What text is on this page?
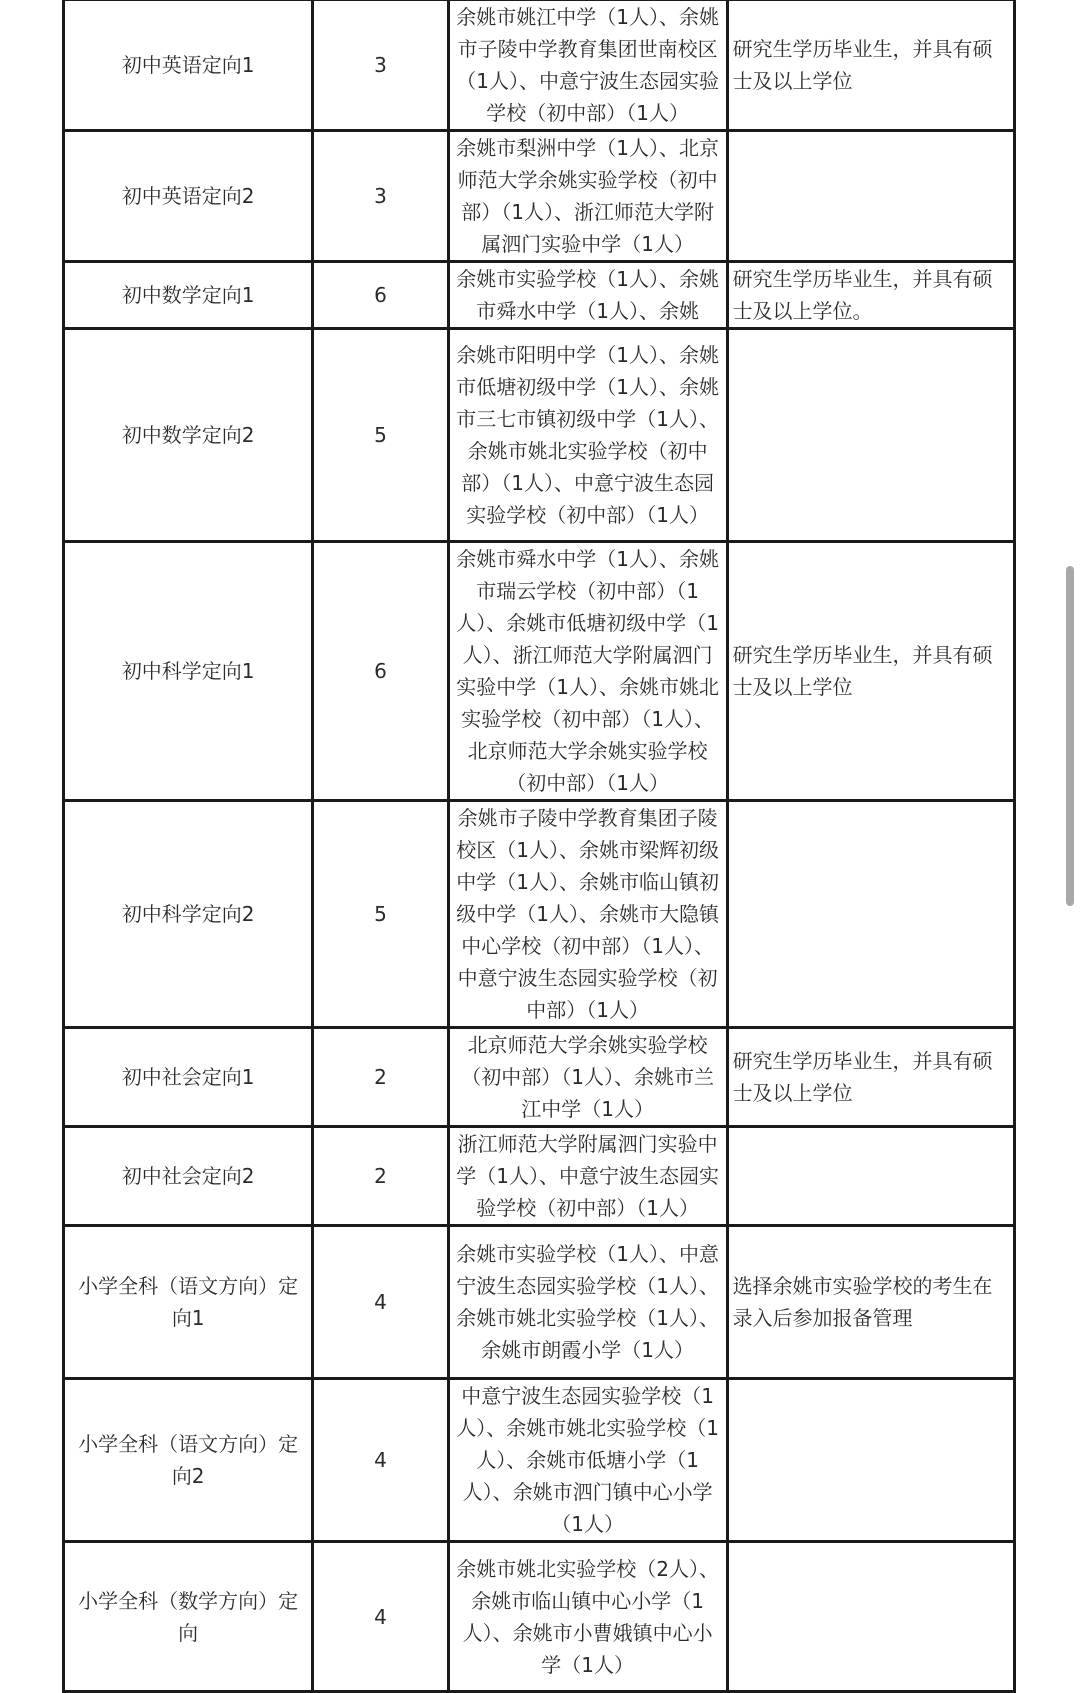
初中英语定向1	3	余姚市姚江中学（1人）、余姚市子陵中学教育集团世南校区（1人）、中意宁波生态园实验学校（初中部）（1人）	研究生学历毕业生，并具有硕士及以上学位

初中英语定向2	3	余姚市梨洲中学（1人）、北京师范大学余姚实验学校（初中部）（1人）、浙江师范大学附属泗门实验中学（1人）	

初中数学定向1	6	余姚市实验学校（1人）、余姚市舜水中学（1人）、余姚	研究生学历毕业生，并具有硕士及以上学位。

初中数学定向2	5	余姚市阳明中学（1人）、余姚市低塘初级中学（1人）、余姚市三七市镇初级中学（1人）、余姚市姚北实验学校（初中部）（1人）、中意宁波生态园实验学校（初中部）（1人）	

初中科学定向1	6	余姚市舜水中学（1人）、余姚市瑞云学校（初中部）（1人）、余姚市低塘初级中学（1人）、浙江师范大学附属泗门实验中学（1人）、余姚市姚北实验学校（初中部）（1人）、北京师范大学余姚实验学校（初中部）（1人）	研究生学历毕业生，并具有硕士及以上学位

初中科学定向2	5	余姚市子陵中学教育集团子陵校区（1人）、余姚市梁辉初级中学（1人）、余姚市临山镇初级中学（1人）、余姚市大隐镇中心学校（初中部）（1人）、中意宁波生态园实验学校（初中部）（1人）	

初中社会定向1	2	北京师范大学余姚实验学校（初中部）（1人）、余姚市兰江中学（1人）	研究生学历毕业生，并具有硕士及以上学位

初中社会定向2	2	浙江师范大学附属泗门实验中学（1人）、中意宁波生态园实验学校（初中部）（1人）	

小学全科（语文方向）定向1	4	余姚市实验学校（1人）、中意宁波生态园实验学校（1人）、余姚市姚北实验学校（1人）、余姚市朗霞小学（1人）	选择余姚市实验学校的考生在录入后参加报备管理

小学全科（语文方向）定向2	4	中意宁波生态园实验学校（1人）、余姚市姚北实验学校（1人）、余姚市低塘小学（1人）、余姚市泗门镇中心小学（1人）	

小学全科（数学方向）定向	4	余姚市姚北实验学校（2人）、余姚市临山镇中心小学（1人）、余姚市小曹娥镇中心小学（1人）	
